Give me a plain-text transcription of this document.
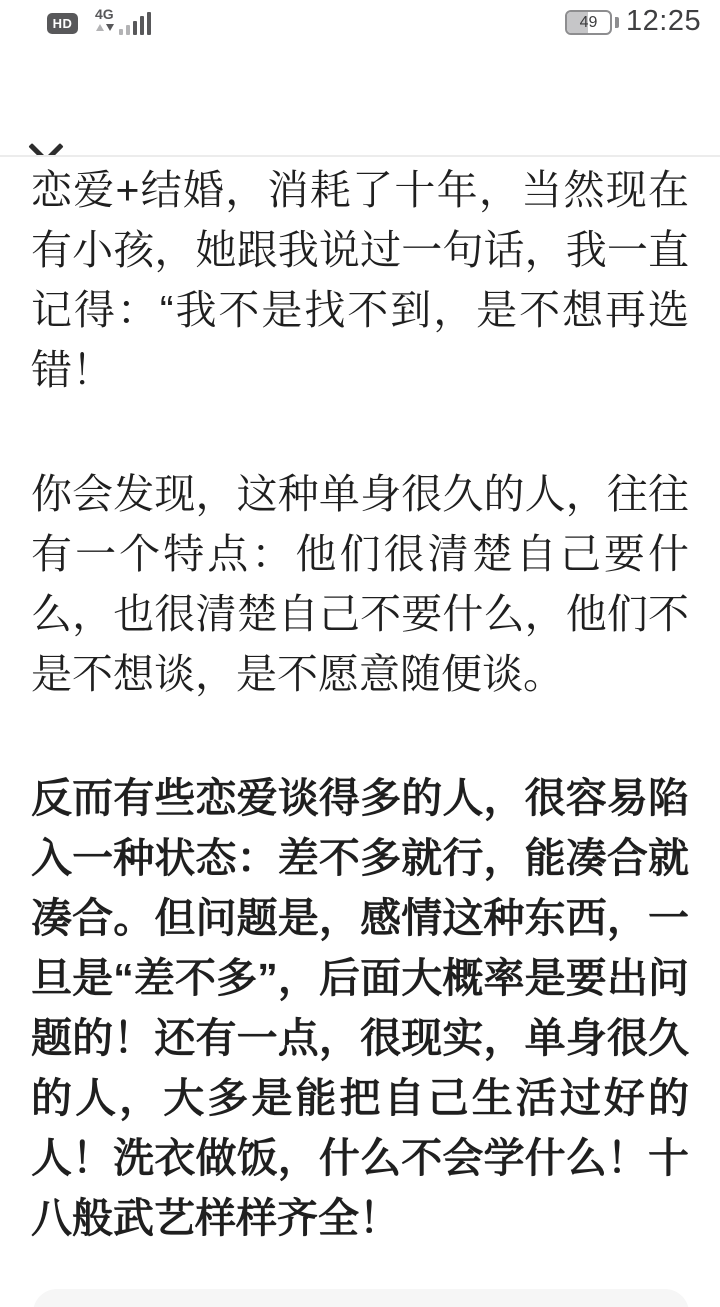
HD
4G	49 12:25

恋爱+结婚，消耗了十年，当然现在有小孩，她跟我说过一句话，我一直记得：“我不是找不到，是不想再选错！

你会发现，这种单身很久的人，往往有一个特点：他们很清楚自己要什么，也很清楚自己不要什么，他们不是不想谈，是不愿意随便谈。

反而有些恋爱谈得多的人，很容易陷入一种状态：差不多就行，能凑合就凑合。但问题是，感情这种东西，一旦是“差不多”，后面大概率是要出问题的！还有一点，很现实，单身很久的人，大多是能把自己生活过好的人！洗衣做饭，什么不会学什么！十八般武艺样样齐全！
